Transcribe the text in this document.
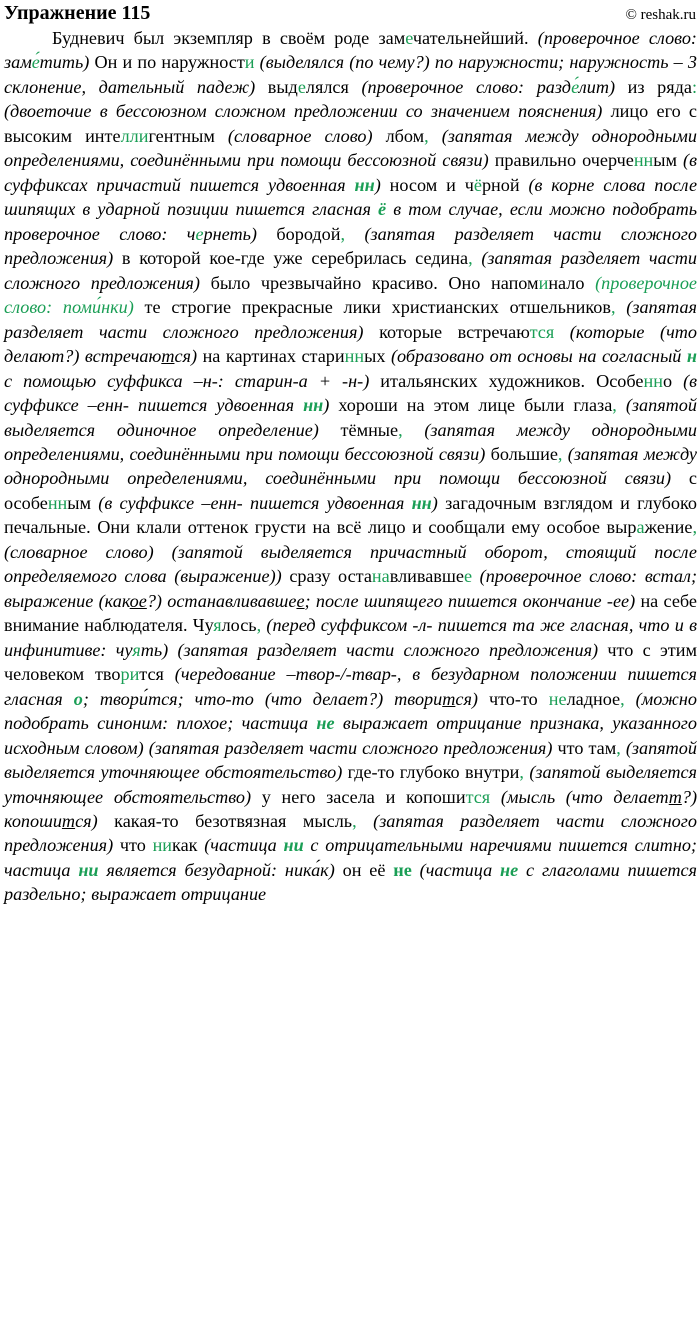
Упражнение 115	© reshak.ru
Будневич был экземпляр в своём роде замечательнейший. (проверочное слово: заме́тить) Он и по наружности (выделялся (по чему?) по наружности; наружность – 3 склонение, дательный падеж) выделялся (проверочное слово: разде́лит) из ряда: (двоеточие в бессоюзном сложном предложении со значением пояснения) лицо его с высоким интеллигентным (словарное слово) лбом, (запятая между однородными определениями, соединёнными при помощи бессоюзной связи) правильно очерченным (в суффиксах причастий пишется удвоенная нн) носом и чёрной (в корне слова после шипящих в ударной позиции пишется гласная ё в том случае, если можно подобрать проверочное слово: чернеть) бородой, (запятая разделяет части сложного предложения) в которой кое-где уже серебрилась седина, (запятая разделяет части сложного предложения) было чрезвычайно красиво. Оно напоминало (проверочное слово: поми́нки) те строгие прекрасные лики христианских отшельников, (запятая разделяет части сложного предложения) которые встречаются (которые (что делают?) встречаются) на картинах старинных (образовано от основы на согласный н с помощью суффикса –н-: старин-а + -н-) итальянских художников. Особенно (в суффиксе –енн- пишется удвоенная нн) хороши на этом лице были глаза, (запятой выделяется одиночное определение) тёмные, (запятая между однородными определениями, соединёнными при помощи бессоюзной связи) большие, (запятая между однородными определениями, соединёнными при помощи бессоюзной связи) с особенным (в суффиксе –енн- пишется удвоенная нн) загадочным взглядом и глубоко печальные. Они клали оттенок грусти на всё лицо и сообщали ему особое выражение, (словарное слово) (запятой выделяется причастный оборот, стоящий после определяемого слова (выражение)) сразу останавливавшее (проверочное слово: встал; выражение (какое?) останавливавшее; после шипящего пишется окончание -ее) на себе внимание наблюдателя. Чуялось, (перед суффиксом -л- пишется та же гласная, что и в инфинитиве: чуять) (запятая разделяет части сложного предложения) что с этим человеком творится (чередование –твор-/-твар-, в безударном положении пишется гласная о; твори́тся; что-то (что делает?) творится) что-то неладное, (можно подобрать синоним: плохое; частица не выражает отрицание признака, указанного исходным словом) (запятая разделяет части сложного предложения) что там, (запятой выделяется уточняющее обстоятельство) где-то глубоко внутри, (запятой выделяется уточняющее обстоятельство) у него засела и копошится (мысль (что делаетт?) копошится) какая-то безотвязная мысль, (запятая разделяет части сложного предложения) что никак (частица ни с отрицательными наречиями пишется слитно; частица ни является безударной: ника́к) он её не (частица не с глаголами пишется раздельно; выражает отрицание
